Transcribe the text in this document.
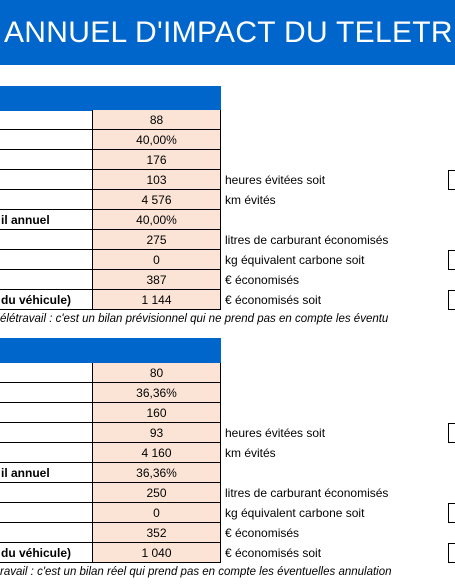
ANNUEL D'IMPACT DU TELETR
88
40,00%
176
103	heures évitées soit
4 576	km évités
il annuel	40,00%
275	litres de carburant économisés
0	kg équivalent carbone soit
387	€ économisés
du véhicule)	1 144	€ économisés soit
élétravail : c'est un bilan prévisionnel qui ne prend pas en compte les éventu
80
36,36%
160
93	heures évitées soit
4 160	km évités
il annuel	36,36%
250	litres de carburant économisés
0	kg équivalent carbone soit
352	€ économisés
du véhicule)	1 040	€ économisés soit
ravail : c'est un bilan réel qui prend pas en compte les éventuelles annulation
